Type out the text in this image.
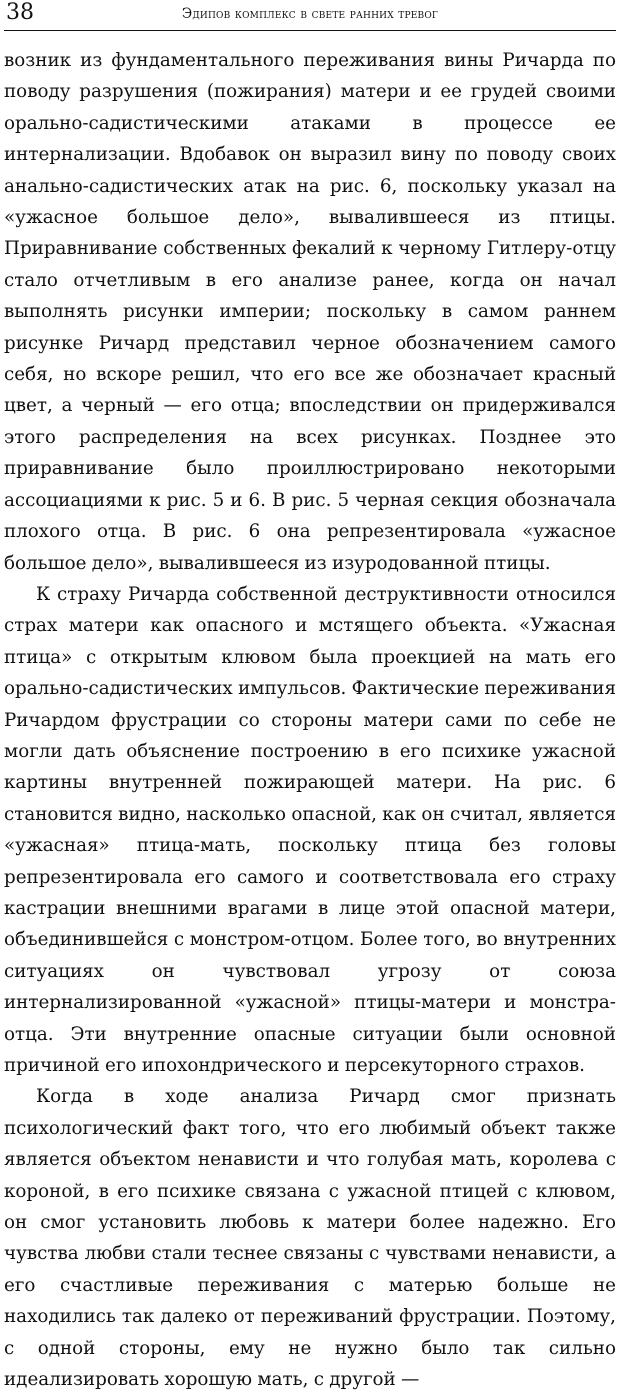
38	Эдипов комплекс в свете ранних тревог

возник из фундаментального переживания вины Ричарда по поводу разрушения (пожирания) матери и ее грудей своими орально-садистическими атаками в процессе ее интернализации. Вдобавок он выразил вину по поводу своих анально-садистических атак на рис. 6, поскольку указал на «ужасное большое дело», вывалившееся из птицы. Приравнивание собственных фекалий к черному Гитлеру-отцу стало отчетливым в его анализе ранее, когда он начал выполнять рисунки империи; поскольку в самом раннем рисунке Ричард представил черное обозначением самого себя, но вскоре решил, что его все же обозначает красный цвет, а черный — его отца; впоследствии он придерживался этого распределения на всех рисунках. Позднее это приравнивание было проиллюстрировано некоторыми ассоциациями к рис. 5 и 6. В рис. 5 черная секция обозначала плохого отца. В рис. 6 она репрезентировала «ужасное большое дело», вывалившееся из изуродованной птицы.

К страху Ричарда собственной деструктивности относился страх матери как опасного и мстящего объекта. «Ужасная птица» с открытым клювом была проекцией на мать его орально-садистических импульсов. Фактические переживания Ричардом фрустрации со стороны матери сами по себе не могли дать объяснение построению в его психике ужасной картины внутренней пожирающей матери. На рис. 6 становится видно, насколько опасной, как он считал, является «ужасная» птица-мать, поскольку птица без головы репрезентировала его самого и соответствовала его страху кастрации внешними врагами в лице этой опасной матери, объединившейся с монстром-отцом. Более того, во внутренних ситуациях он чувствовал угрозу от союза интернализированной «ужасной» птицы-матери и монстра-отца. Эти внутренние опасные ситуации были основной причиной его ипохондрического и персекуторного страхов.

Когда в ходе анализа Ричард смог признать психологический факт того, что его любимый объект также является объектом ненависти и что голубая мать, королева с короной, в его психике связана с ужасной птицей с клювом, он смог установить любовь к матери более надежно. Его чувства любви стали теснее связаны с чувствами ненависти, а его счастливые переживания с матерью больше не находились так далеко от переживаний фрустрации. Поэтому, с одной стороны, ему не нужно было так сильно идеализировать хорошую мать, с другой —
